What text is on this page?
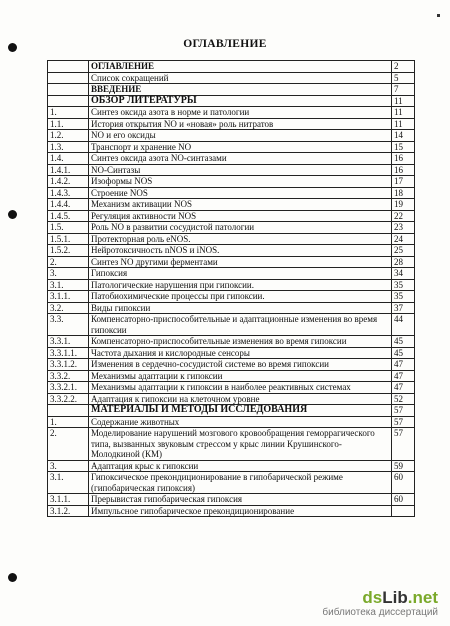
ОГЛАВЛЕНИЕ
	ОГЛАВЛЕНИЕ	2
	Список сокращений	5
	ВВЕДЕНИЕ	7
	ОБЗОР ЛИТЕРАТУРЫ	11
1.	Синтез оксида азота в норме и патологии	11
1.1.	История открытия NO и «новая» роль нитратов	11
1.2.	NO и его оксиды	14
1.3.	Транспорт и хранение NO	15
1.4.	Синтез оксида азота NO-синтазами	16
1.4.1.	NO-Синтазы	16
1.4.2.	Изоформы NOS	17
1.4.3.	Строение NOS	18
1.4.4.	Механизм активации NOS	19
1.4.5.	Регуляция активности NOS	22
1.5.	Роль NO в развитии сосудистой патологии	23
1.5.1.	Протекторная роль eNOS.	24
1.5.2.	Нейротоксичность nNOS и iNOS.	25
2.	Синтез NO другими ферментами	28
3.	Гипоксия	34
3.1.	Патологические нарушения при гипоксии.	35
3.1.1.	Патобиохимические процессы при гипоксии.	35
3.2.	Виды гипоксии	37
3.3.	Компенсаторно-приспособительные и адаптационные изменения во время гипоксии	44
3.3.1.	Компенсаторно-приспособительные изменения во время гипоксии	45
3.3.1.1.	Частота дыхания и кислородные сенсоры	45
3.3.1.2.	Изменения в сердечно-сосудистой системе во время гипоксии	47
3.3.2.	Механизмы адаптации к гипоксии	47
3.3.2.1.	Механизмы адаптации к гипоксии в наиболее реактивных системах	47
3.3.2.2.	Адаптация к гипоксии на клеточном уровне	52
	МАТЕРИАЛЫ И МЕТОДЫ ИССЛЕДОВАНИЯ	57
1.	Содержание животных	57
2.	Моделирование нарушений мозгового кровообращения геморрагического типа, вызванных звуковым стрессом у крыс линии Крушинского-Молодкиной (КМ)	57
3.	Адаптация крыс к гипоксии	59
3.1.	Гипоксическое прекондиционирование в гипобарической режиме (гипобарическая гипоксия)	60
3.1.1.	Прерывистая гипобарическая гипоксия	60
3.1.2.	Импульсное гипобарическое прекондиционирование	
dsLib.net
библиотека диссертаций
